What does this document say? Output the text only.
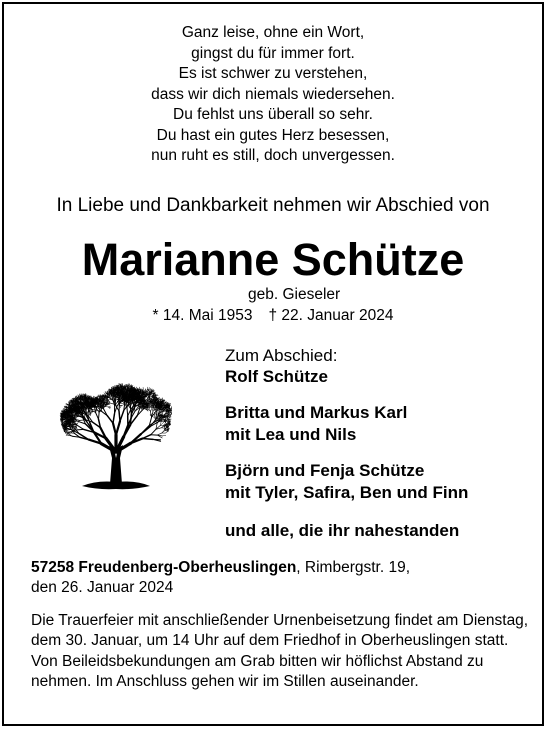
Ganz leise, ohne ein Wort,
gingst du für immer fort.
Es ist schwer zu verstehen,
dass wir dich niemals wiedersehen.
Du fehlst uns überall so sehr.
Du hast ein gutes Herz besessen,
nun ruht es still, doch unvergessen.
In Liebe und Dankbarkeit nehmen wir Abschied von
Marianne Schütze
geb. Gieseler
* 14. Mai 1953 † 22. Januar 2024
Zum Abschied:
Rolf Schütze
Britta und Markus Karl
mit Lea und Nils
Björn und Fenja Schütze
mit Tyler, Safira, Ben und Finn
und alle, die ihr nahestanden
57258 Freudenberg-Oberheuslingen, Rimbergstr. 19,
den 26. Januar 2024
Die Trauerfeier mit anschließender Urnenbeisetzung findet am Dienstag, dem 30. Januar, um 14 Uhr auf dem Friedhof in Oberheuslingen statt. Von Beileidsbekundungen am Grab bitten wir höflichst Abstand zu nehmen. Im Anschluss gehen wir im Stillen auseinander.
